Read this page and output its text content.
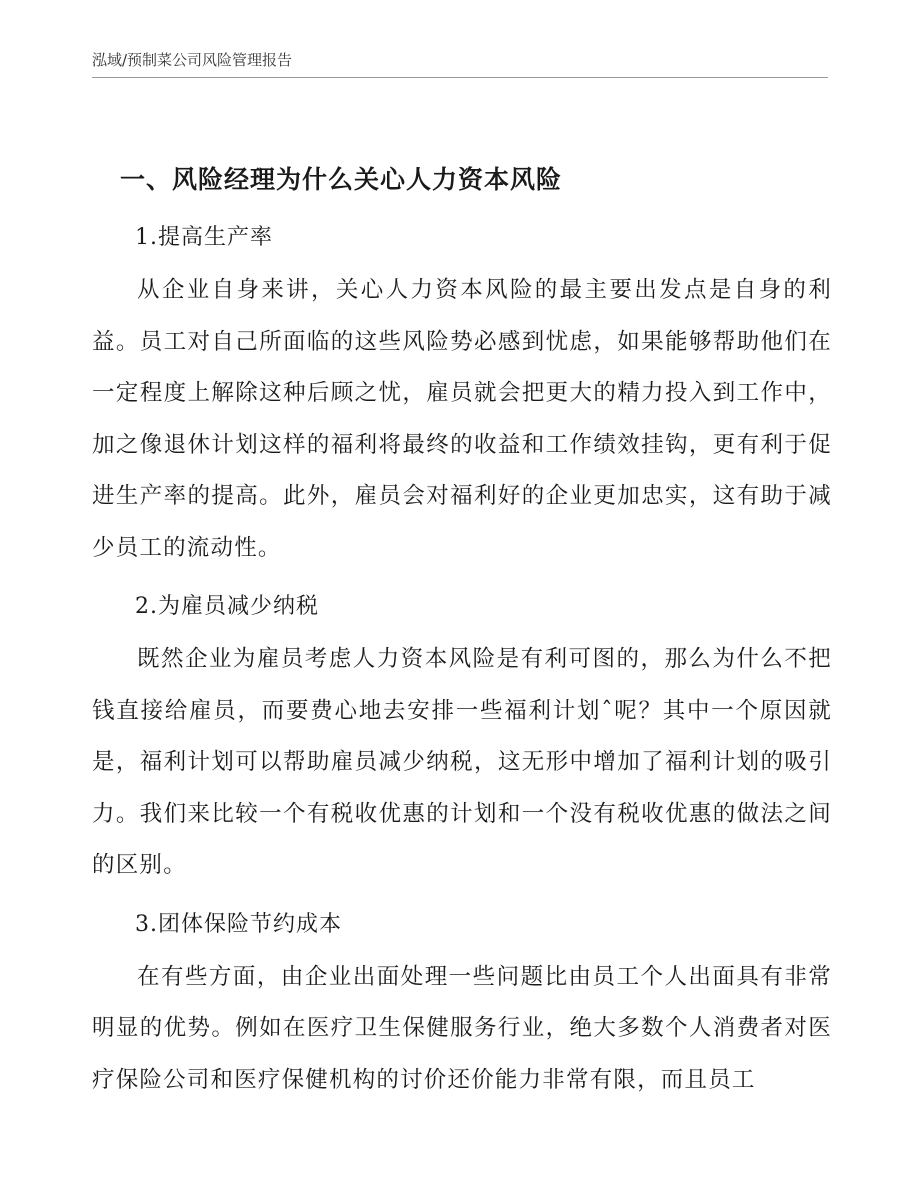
泓域/预制菜公司风险管理报告
一、风险经理为什么关心人力资本风险
1.提高生产率

从企业自身来讲，关心人力资本风险的最主要出发点是自身的利益。员工对自己所面临的这些风险势必感到忧虑，如果能够帮助他们在一定程度上解除这种后顾之忧，雇员就会把更大的精力投入到工作中，加之像退休计划这样的福利将最终的收益和工作绩效挂钩，更有利于促进生产率的提高。此外，雇员会对福利好的企业更加忠实，这有助于减少员工的流动性。

2.为雇员减少纳税

既然企业为雇员考虑人力资本风险是有利可图的，那么为什么不把钱直接给雇员，而要费心地去安排一些福利计划ˆ呢？其中一个原因就是，福利计划可以帮助雇员减少纳税，这无形中增加了福利计划的吸引力。我们来比较一个有税收优惠的计划和一个没有税收优惠的做法之间的区别。

3.团体保险节约成本

在有些方面，由企业出面处理一些问题比由员工个人出面具有非常明显的优势。例如在医疗卫生保健服务行业，绝大多数个人消费者对医疗保险公司和医疗保健机构的讨价还价能力非常有限，而且员工
